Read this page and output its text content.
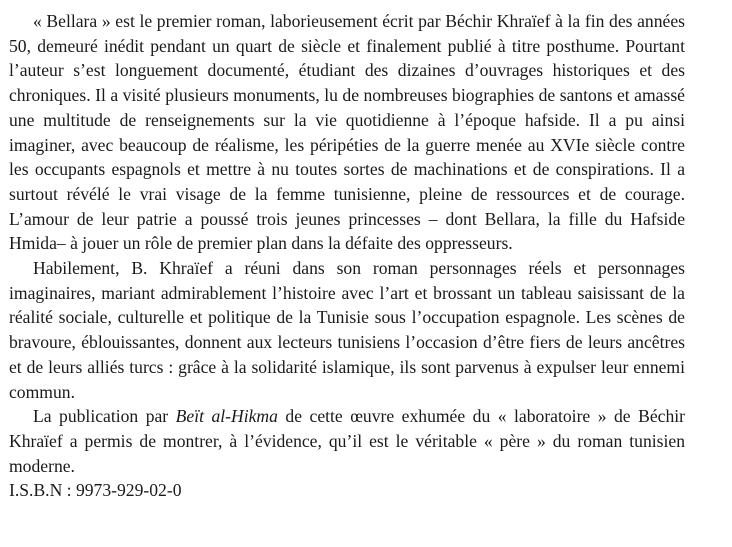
« Bellara » est le premier roman, laborieusement écrit par Béchir Khraïef à la fin des années 50, demeuré inédit pendant un quart de siècle et finalement publié à titre posthume. Pourtant l’auteur s’est longuement documenté, étudiant des dizaines d’ouvrages historiques et des chroniques. Il a visité plusieurs monuments, lu de nombreuses biographies de santons et amassé une multitude de renseignements sur la vie quotidienne à l’époque hafside. Il a pu ainsi imaginer, avec beaucoup de réalisme, les péripéties de la guerre menée au XVIe siècle contre les occupants espagnols et mettre à nu toutes sortes de machinations et de conspirations. Il a surtout révélé le vrai visage de la femme tunisienne, pleine de ressources et de courage. L’amour de leur patrie a poussé trois jeunes princesses – dont Bellara, la fille du Hafside Hmida– à jouer un rôle de premier plan dans la défaite des oppresseurs.

Habilement, B. Khraïef a réuni dans son roman personnages réels et personnages imaginaires, mariant admirablement l’histoire avec l’art et brossant un tableau saisissant de la réalité sociale, culturelle et politique de la Tunisie sous l’occupation espagnole. Les scènes de bravoure, éblouissantes, donnent aux lecteurs tunisiens l’occasion d’être fiers de leurs ancêtres et de leurs alliés turcs : grâce à la solidarité islamique, ils sont parvenus à expulser leur ennemi commun.

La publication par Beït al-Hikma de cette œuvre exhumée du « laboratoire » de Béchir Khraïef a permis de montrer, à l’évidence, qu’il est le véritable « père » du roman tunisien moderne.

I.S.B.N : 9973-929-02-0
